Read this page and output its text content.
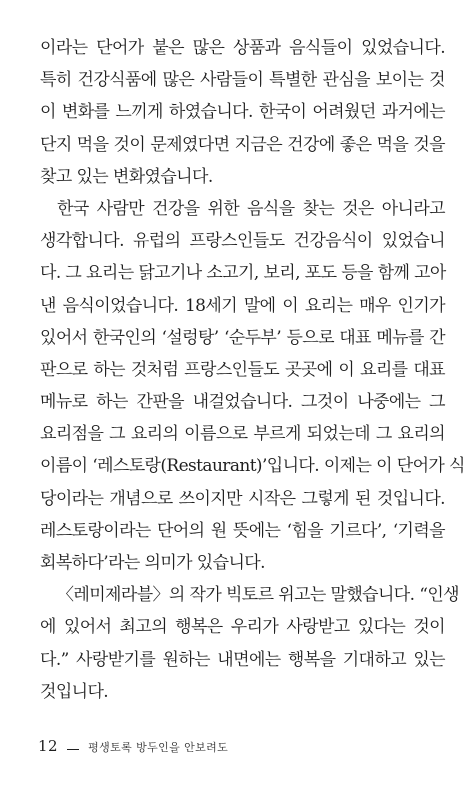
이라는 단어가 붙은 많은 상품과 음식들이 있었습니다.
특히 건강식품에 많은 사람들이 특별한 관심을 보이는 것
이 변화를 느끼게 하였습니다. 한국이 어려웠던 과거에는
단지 먹을 것이 문제였다면 지금은 건강에 좋은 먹을 것을
찾고 있는 변화였습니다.
한국 사람만 건강을 위한 음식을 찾는 것은 아니라고
생각합니다. 유럽의 프랑스인들도 건강음식이 있었습니
다. 그 요리는 닭고기나 소고기, 보리, 포도 등을 함께 고아
낸 음식이었습니다. 18세기 말에 이 요리는 매우 인기가
있어서 한국인의 ‘설렁탕’ ‘순두부’ 등으로 대표 메뉴를 간
판으로 하는 것처럼 프랑스인들도 곳곳에 이 요리를 대표
메뉴로 하는 간판을 내걸었습니다. 그것이 나중에는 그
요리점을 그 요리의 이름으로 부르게 되었는데 그 요리의
이름이 ‘레스토랑(Restaurant)’입니다. 이제는 이 단어가 식
당이라는 개념으로 쓰이지만 시작은 그렇게 된 것입니다.
레스토랑이라는 단어의 원 뜻에는 ‘힘을 기르다’, ‘기력을
회복하다’라는 의미가 있습니다.
〈레미제라블〉의 작가 빅토르 위고는 말했습니다. “인생
에 있어서 최고의 행복은 우리가 사랑받고 있다는 것이
다.” 사랑받기를 원하는 내면에는 행복을 기대하고 있는
것입니다.
12	평생토록 방두인을 안보려도
